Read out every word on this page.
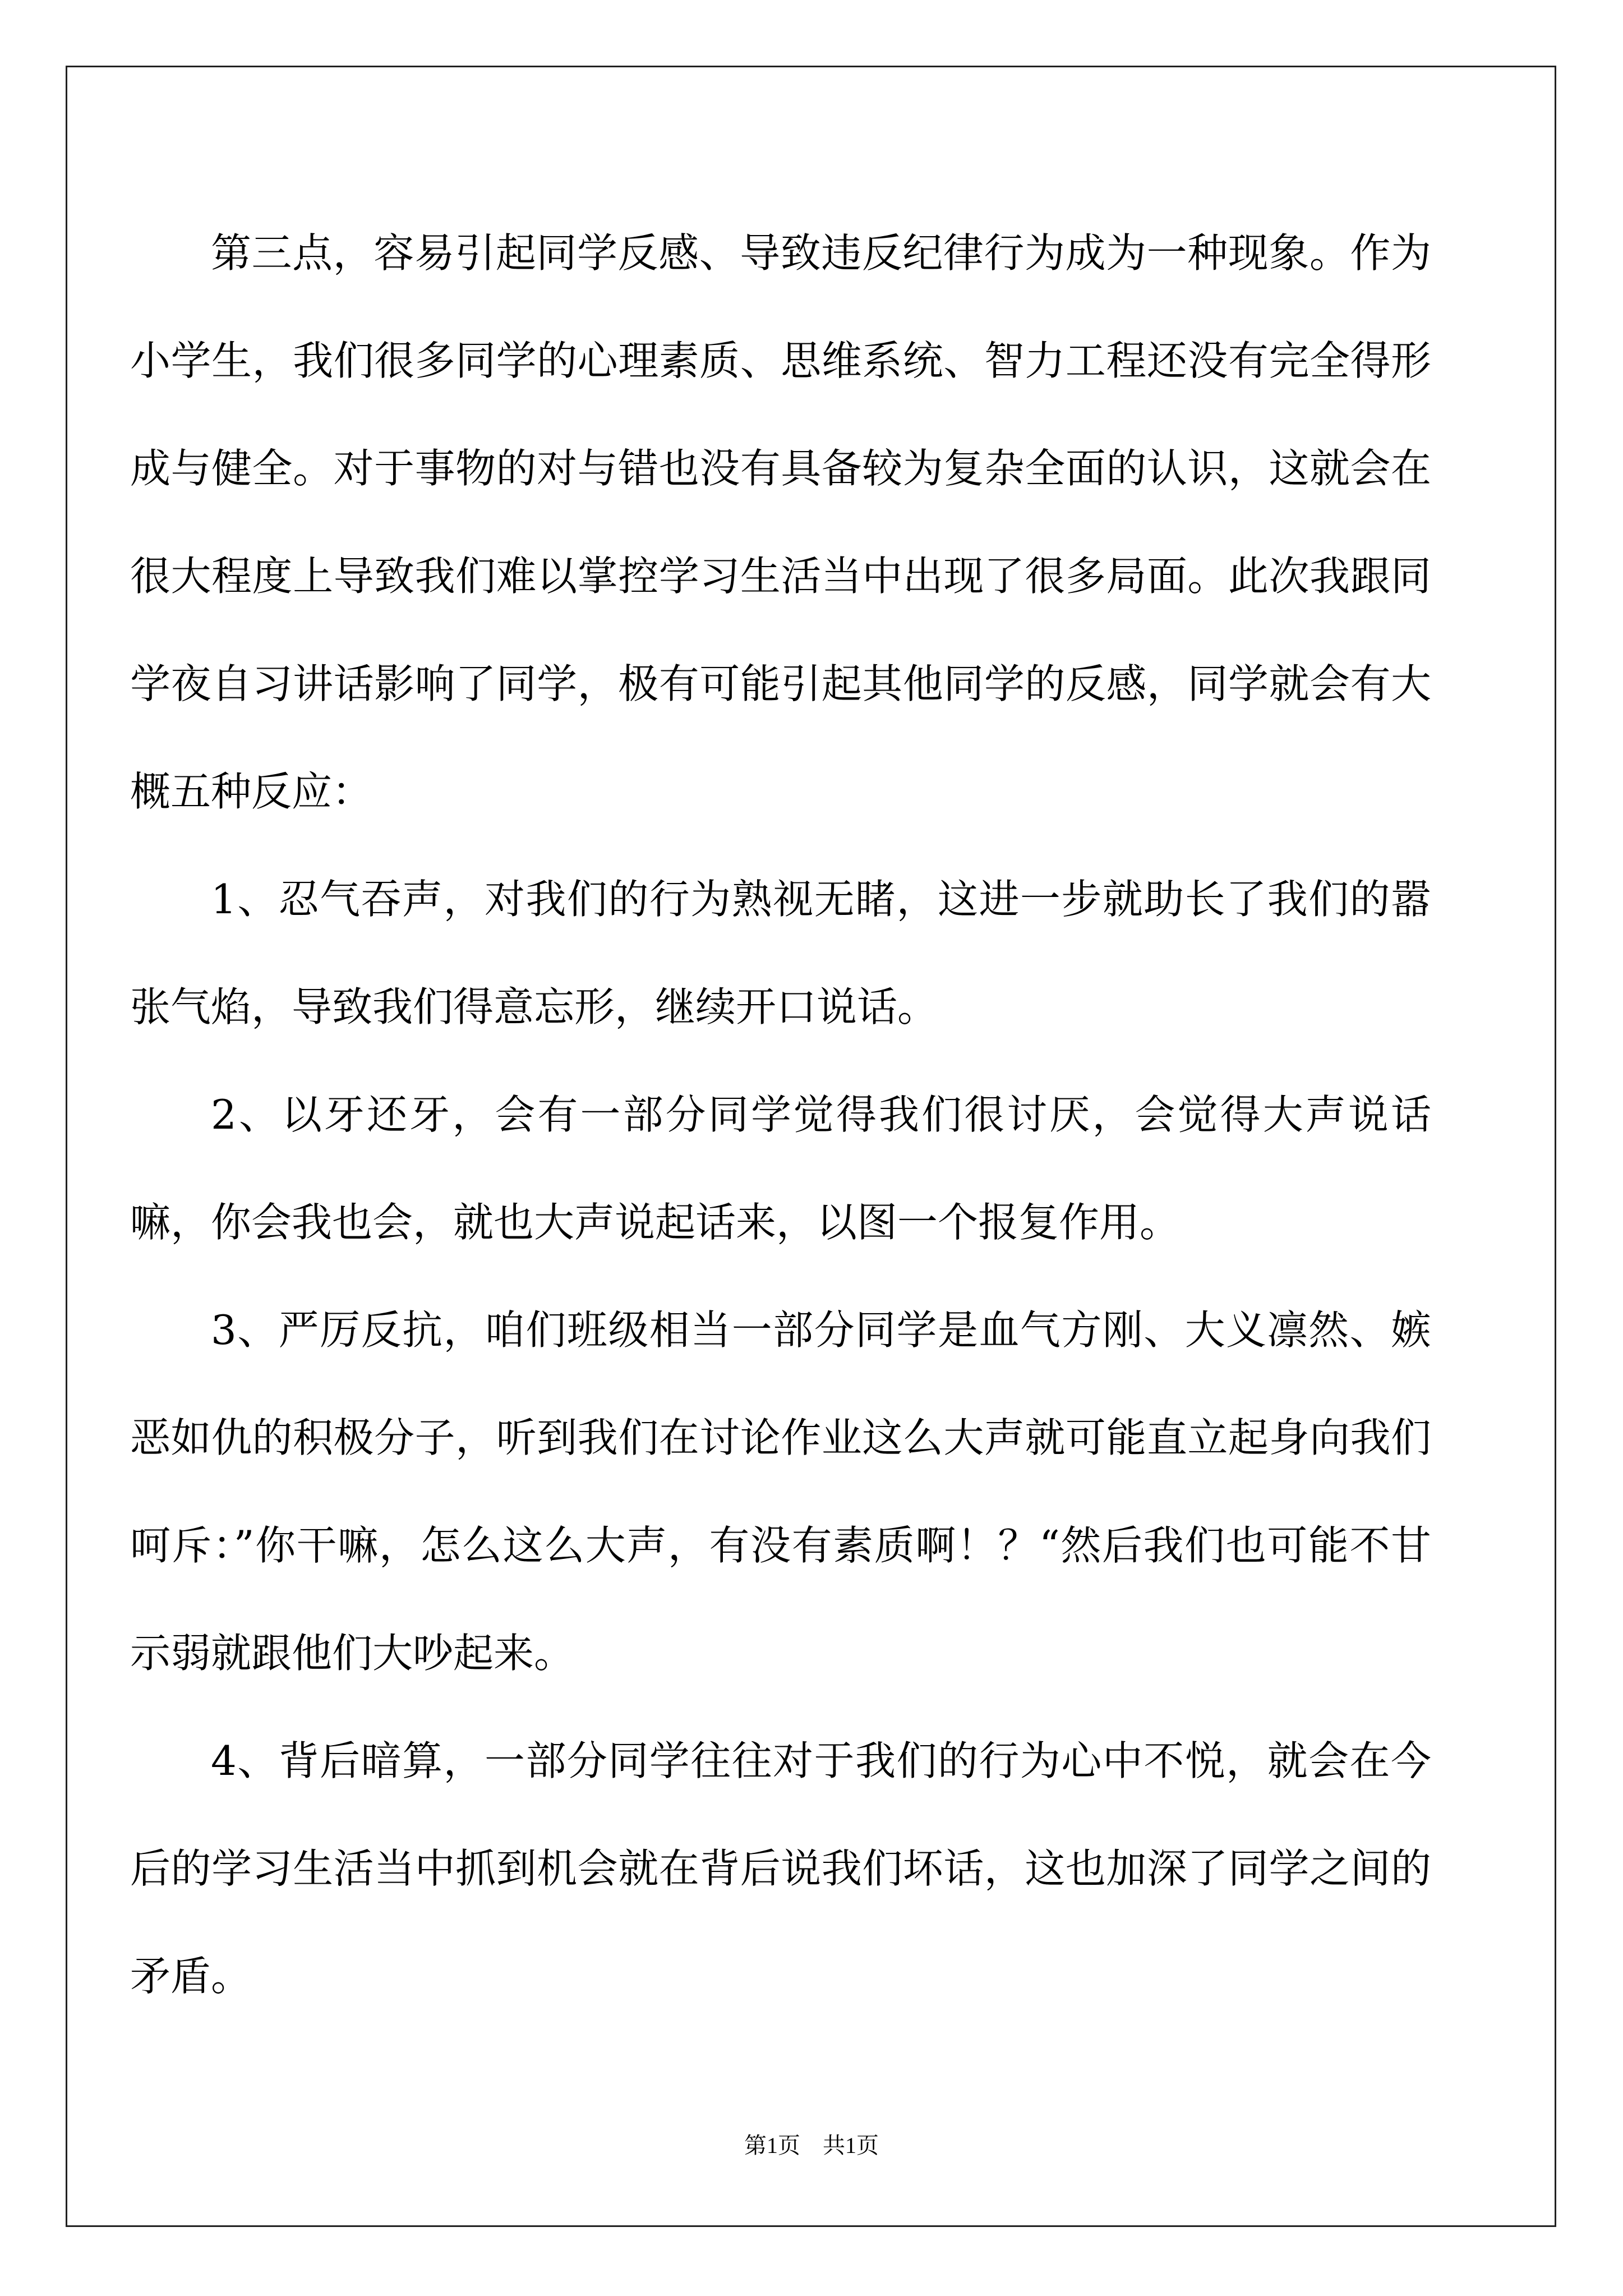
第三点，容易引起同学反感、导致违反纪律行为成为一种现象。作为小学生，我们很多同学的心理素质、思维系统、智力工程还没有完全得形成与健全。对于事物的对与错也没有具备较为复杂全面的认识，这就会在很大程度上导致我们难以掌控学习生活当中出现了很多局面。此次我跟同学夜自习讲话影响了同学，极有可能引起其他同学的反感，同学就会有大概五种反应：

1、忍气吞声，对我们的行为熟视无睹，这进一步就助长了我们的嚣张气焰，导致我们得意忘形，继续开口说话。

2、以牙还牙，会有一部分同学觉得我们很讨厌，会觉得大声说话嘛，你会我也会，就也大声说起话来，以图一个报复作用。

3、严厉反抗，咱们班级相当一部分同学是血气方刚、大义凛然、嫉恶如仇的积极分子，听到我们在讨论作业这么大声就可能直立起身向我们呵斥：”你干嘛，怎么这么大声，有没有素质啊！？“然后我们也可能不甘示弱就跟他们大吵起来。

4、背后暗算，一部分同学往往对于我们的行为心中不悦，就会在今后的学习生活当中抓到机会就在背后说我们坏话，这也加深了同学之间的矛盾。

第1页　共1页
